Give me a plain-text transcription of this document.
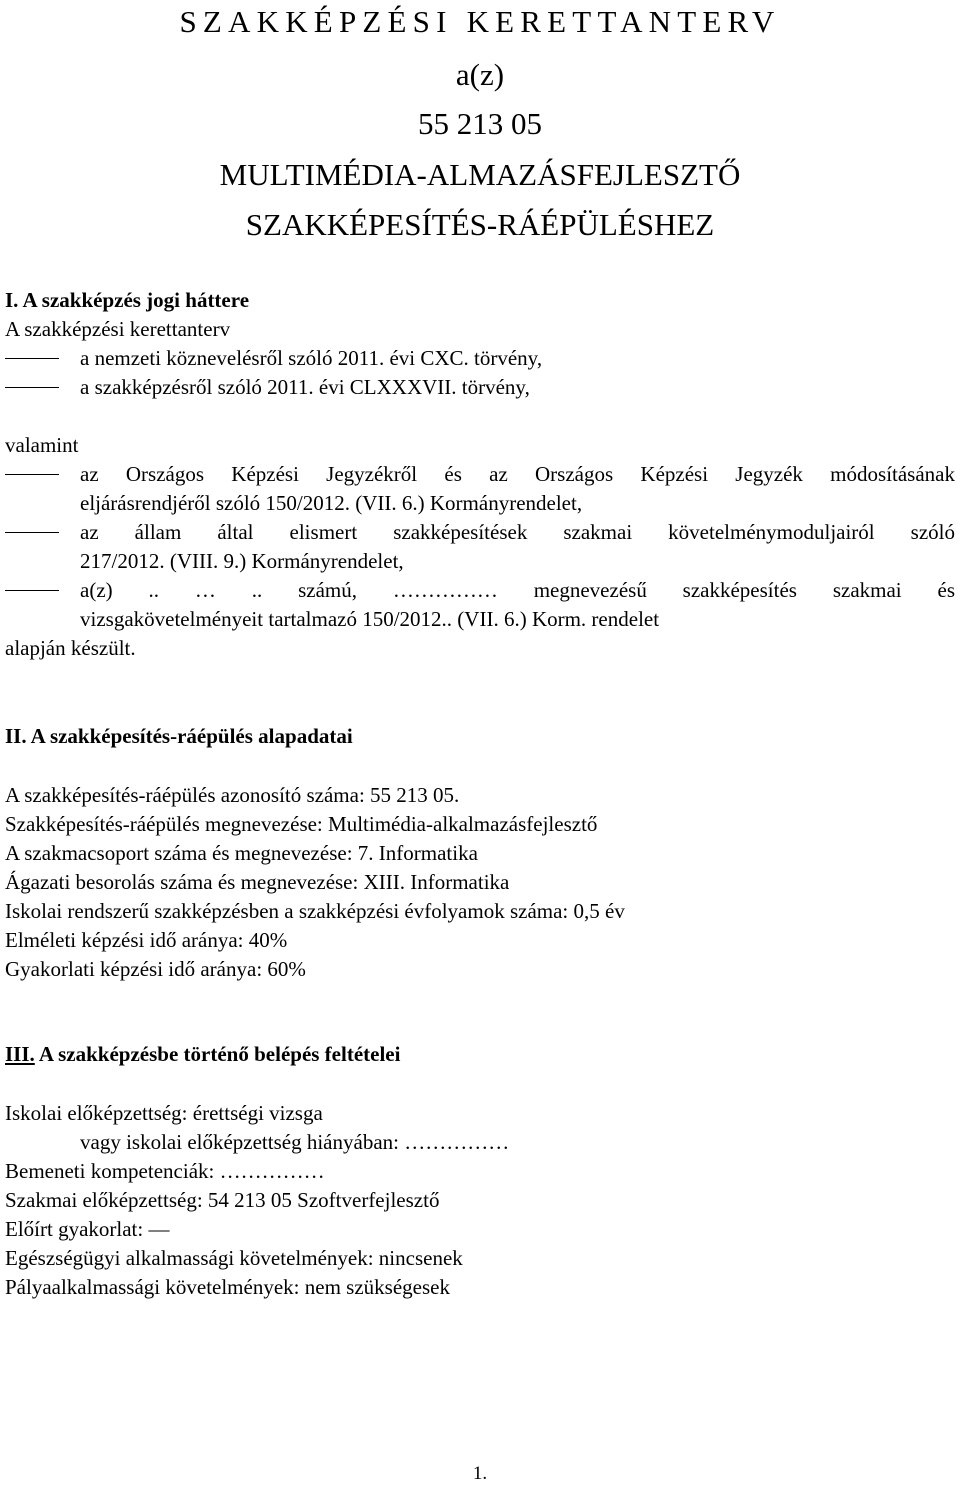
SZAKKÉPZÉSI KERETTANTERV
a(z)
55 213 05
MULTIMÉDIA-ALMAZÁSFEJLESZTŐ
SZAKKÉPESÍTÉS-RÁÉPÜLÉSHEZ
I. A szakképzés jogi háttere
A szakképzési kerettanterv
a nemzeti köznevelésről szóló 2011. évi CXC. törvény,
a szakképzésről szóló 2011. évi CLXXXVII. törvény,
valamint
az Országos Képzési Jegyzékről és az Országos Képzési Jegyzék módosításának
eljárásrendjéről szóló 150/2012. (VII. 6.) Kormányrendelet,
az állam által elismert szakképesítések szakmai követelménymoduljairól szóló
217/2012. (VIII. 9.) Kormányrendelet,
a(z) .. … .. számú, …………… megnevezésű szakképesítés szakmai és
vizsgakövetelményeit tartalmazó 150/2012.. (VII. 6.) Korm. rendelet
alapján készült.
II. A szakképesítés-ráépülés alapadatai
A szakképesítés-ráépülés azonosító száma: 55 213 05.
Szakképesítés-ráépülés megnevezése: Multimédia-alkalmazásfejlesztő
A szakmacsoport száma és megnevezése: 7. Informatika
Ágazati besorolás száma és megnevezése: XIII. Informatika
Iskolai rendszerű szakképzésben a szakképzési évfolyamok száma: 0,5 év
Elméleti képzési idő aránya: 40%
Gyakorlati képzési idő aránya: 60%
III. A szakképzésbe történő belépés feltételei
Iskolai előképzettség: érettségi vizsga
vagy iskolai előképzettség hiányában: ……………
Bemeneti kompetenciák: ……………
Szakmai előképzettség: 54 213 05 Szoftverfejlesztő
Előírt gyakorlat: —
Egészségügyi alkalmassági követelmények: nincsenek
Pályaalkalmassági követelmények: nem szükségesek
1.
